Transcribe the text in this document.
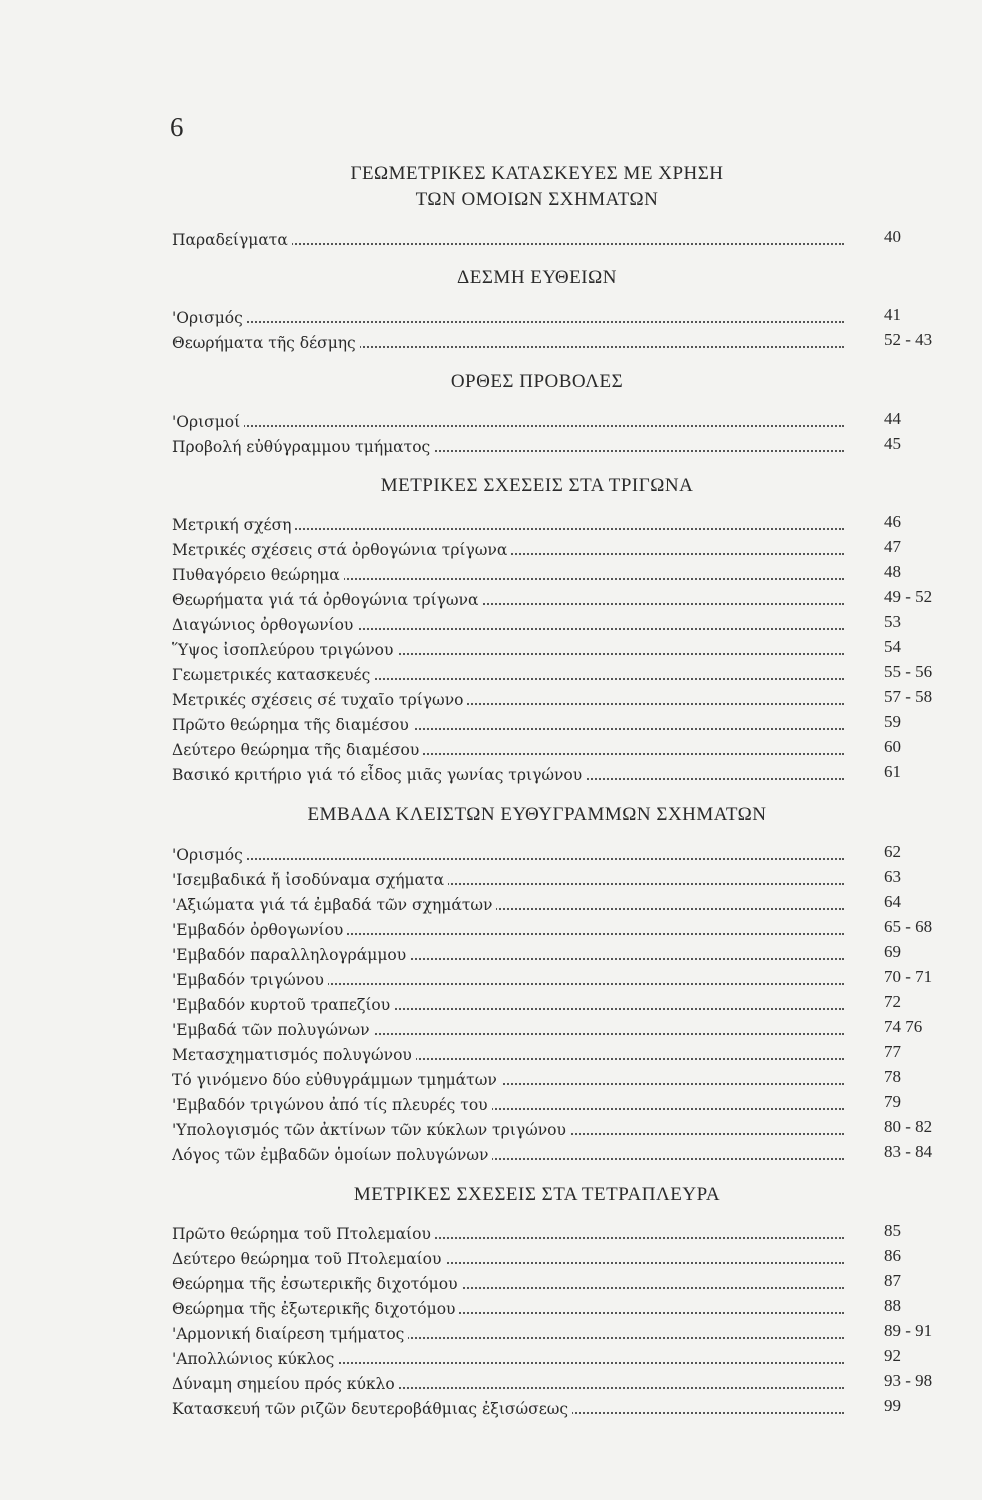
6
ΓΕΩΜΕΤΡΙΚΕΣ ΚΑΤΑΣΚΕΥΕΣ ΜΕ ΧΡΗΣΗ
ΤΩΝ ΟΜΟΙΩΝ ΣΧΗΜΑΤΩΝ
Παραδείγματα	40
ΔΕΣΜΗ ΕΥΘΕΙΩΝ
'Ορισμός	41
Θεωρήματα τῆς δέσμης	52 - 43
ΟΡΘΕΣ ΠΡΟΒΟΛΕΣ
'Ορισμοί	44
Προβολή εὐθύγραμμου τμήματος	45
ΜΕΤΡΙΚΕΣ ΣΧΕΣΕΙΣ ΣΤΑ ΤΡΙΓΩΝΑ
Μετρική σχέση	46
Μετρικές σχέσεις στά ὀρθογώνια τρίγωνα	47
Πυθαγόρειο θεώρημα	48
Θεωρήματα γιά τά ὀρθογώνια τρίγωνα	49 - 52
Διαγώνιος ὀρθογωνίου	53
Ὕψος ἰσοπλεύρου τριγώνου	54
Γεωμετρικές κατασκευές	55 - 56
Μετρικές σχέσεις σέ τυχαῖο τρίγωνο	57 - 58
Πρῶτο θεώρημα τῆς διαμέσου	59
Δεύτερο θεώρημα τῆς διαμέσου	60
Βασικό κριτήριο γιά τό εἶδος μιᾶς γωνίας τριγώνου	61
ΕΜΒΑΔΑ ΚΛΕΙΣΤΩΝ ΕΥΘΥΓΡΑΜΜΩΝ ΣΧΗΜΑΤΩΝ
'Ορισμός	62
'Ισεμβαδικά ἤ ἰσοδύναμα σχήματα	63
'Αξιώματα γιά τά ἐμβαδά τῶν σχημάτων	64
'Εμβαδόν ὀρθογωνίου	65 - 68
'Εμβαδόν παραλληλογράμμου	69
'Εμβαδόν τριγώνου	70 - 71
'Εμβαδόν κυρτοῦ τραπεζίου	72
'Εμβαδά τῶν πολυγώνων	74 76
Μετασχηματισμός πολυγώνου	77
Τό γινόμενο δύο εὐθυγράμμων τμημάτων	78
'Εμβαδόν τριγώνου ἀπό τίς πλευρές του	79
'Υπολογισμός τῶν ἀκτίνων τῶν κύκλων τριγώνου	80 - 82
Λόγος τῶν ἐμβαδῶν ὁμοίων πολυγώνων	83 - 84
ΜΕΤΡΙΚΕΣ ΣΧΕΣΕΙΣ ΣΤΑ ΤΕΤΡΑΠΛΕΥΡΑ
Πρῶτο θεώρημα τοῦ Πτολεμαίου	85
Δεύτερο θεώρημα τοῦ Πτολεμαίου	86
Θεώρημα τῆς ἐσωτερικῆς διχοτόμου	87
Θεώρημα τῆς ἐξωτερικῆς διχοτόμου	88
'Αρμονική διαίρεση τμήματος	89 - 91
'Απολλώνιος κύκλος	92
Δύναμη σημείου πρός κύκλο	93 - 98
Κατασκευή τῶν ριζῶν δευτεροβάθμιας ἐξισώσεως	99
